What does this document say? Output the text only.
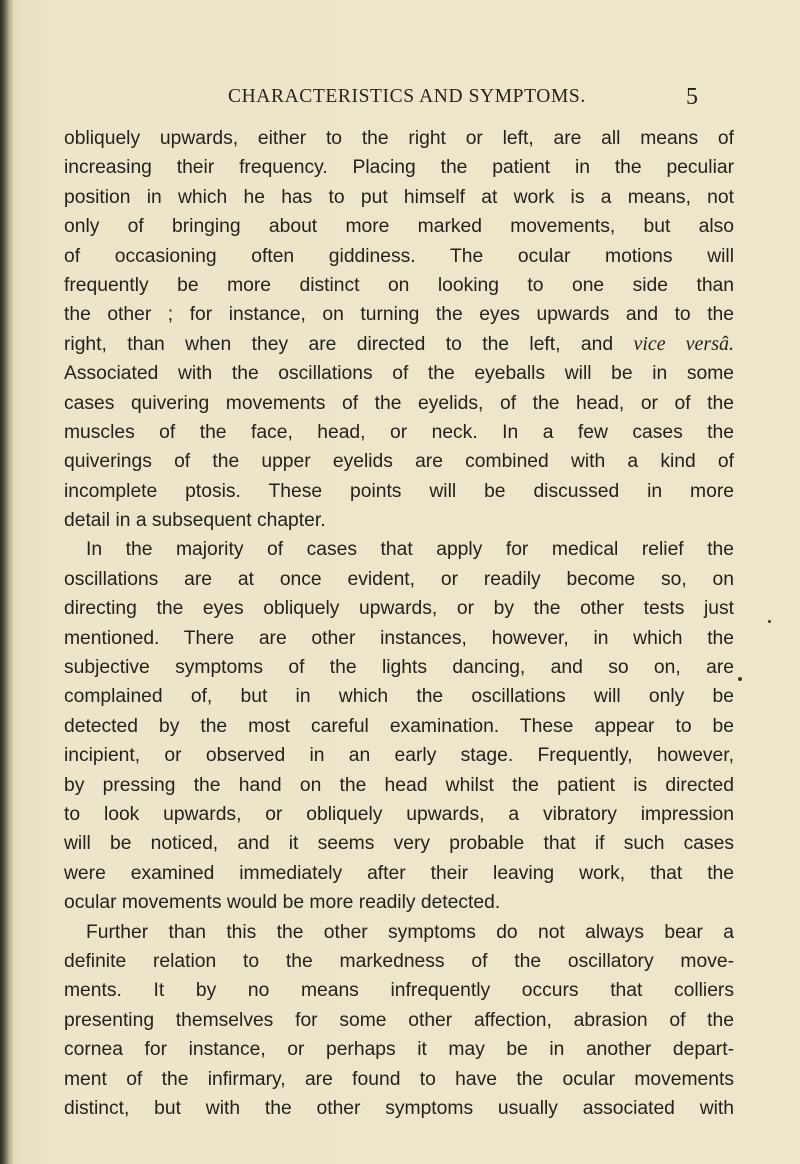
CHARACTERISTICS AND SYMPTOMS.	5
obliquely upwards, either to the right or left, are all means of
increasing their frequency. Placing the patient in the peculiar
position in which he has to put himself at work is a means, not
only of bringing about more marked movements, but also
of occasioning often giddiness. The ocular motions will
frequently be more distinct on looking to one side than
the other ; for instance, on turning the eyes upwards and to the
right, than when they are directed to the left, and vice versâ.
Associated with the oscillations of the eyeballs will be in some
cases quivering movements of the eyelids, of the head, or of the
muscles of the face, head, or neck. In a few cases the
quiverings of the upper eyelids are combined with a kind of
incomplete ptosis. These points will be discussed in more
detail in a subsequent chapter.
In the majority of cases that apply for medical relief the
oscillations are at once evident, or readily become so, on
directing the eyes obliquely upwards, or by the other tests just
mentioned. There are other instances, however, in which the
subjective symptoms of the lights dancing, and so on, are
complained of, but in which the oscillations will only be
detected by the most careful examination. These appear to be
incipient, or observed in an early stage. Frequently, however,
by pressing the hand on the head whilst the patient is directed
to look upwards, or obliquely upwards, a vibratory impression
will be noticed, and it seems very probable that if such cases
were examined immediately after their leaving work, that the
ocular movements would be more readily detected.
Further than this the other symptoms do not always bear a
definite relation to the markedness of the oscillatory move-
ments. It by no means infrequently occurs that colliers
presenting themselves for some other affection, abrasion of the
cornea for instance, or perhaps it may be in another depart-
ment of the infirmary, are found to have the ocular movements
distinct, but with the other symptoms usually associated with
